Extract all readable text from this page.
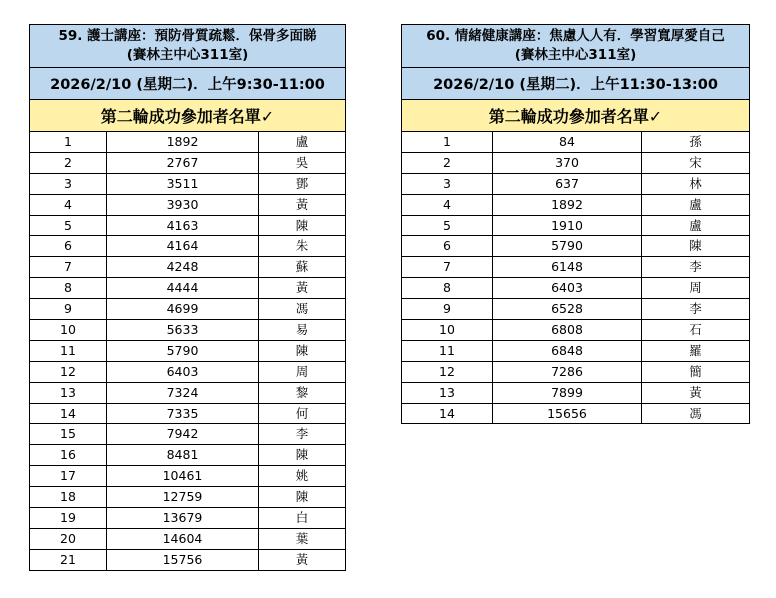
59. 護士講座：預防骨質疏鬆．保骨多面睇
(賽林主中心311室)		

2026/2/10 (星期二)．上午9:30-11:00		
第二輪成功參加者名單✓		
1	1892	盧
2	2767	吳
3	3511	鄧
4	3930	黃
5	4163	陳
6	4164	朱
7	4248	蘇
8	4444	黃
9	4699	馮
10	5633	易
11	5790	陳
12	6403	周
13	7324	黎
14	7335	何
15	7942	李
16	8481	陳
17	10461	姚
18	12759	陳
19	13679	白
20	14604	葉
21	15756	黃
60. 情緒健康講座：焦慮人人有．學習寬厚愛自己
(賽林主中心311室)		

2026/2/10 (星期二)．上午11:30-13:00		
第二輪成功參加者名單✓		
1	84	孫
2	370	宋
3	637	林
4	1892	盧
5	1910	盧
6	5790	陳
7	6148	李
8	6403	周
9	6528	李
10	6808	石
11	6848	羅
12	7286	簡
13	7899	黃
14	15656	馮
